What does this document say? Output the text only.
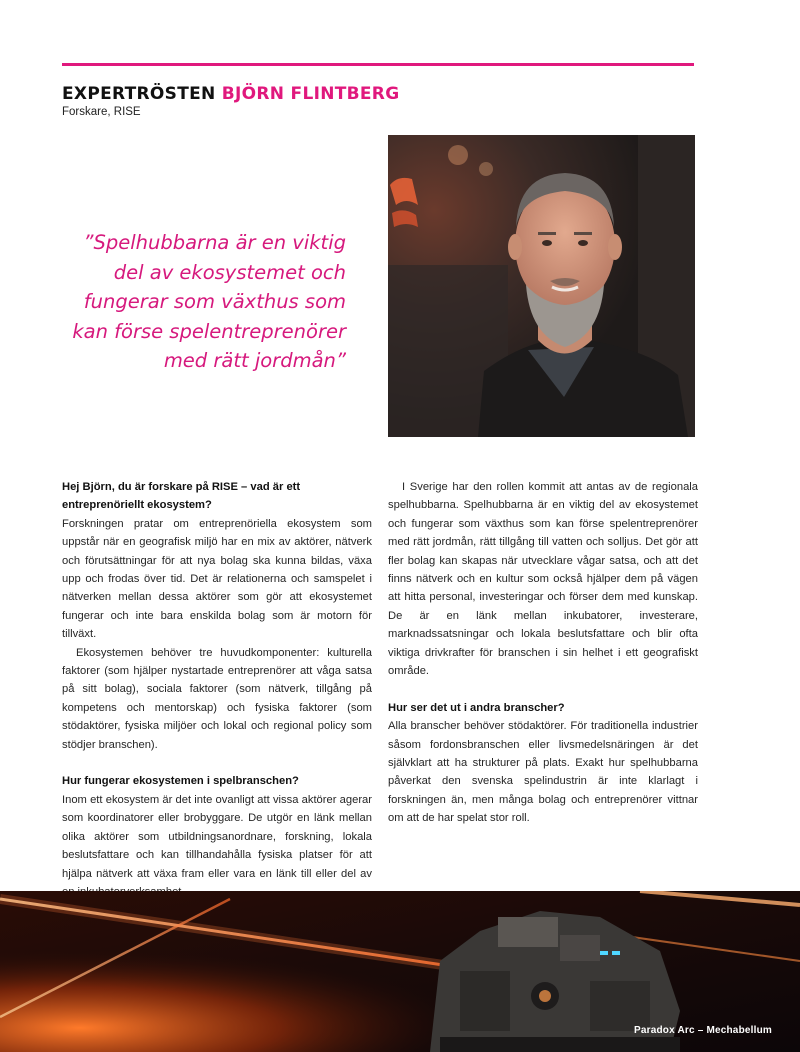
EXPERTRÖSTEN BJÖRN FLINTBERG
Forskare, RISE
”Spelhubbarna är en viktig del av ekosystemet och fungerar som växthus som kan förse spelentreprenörer med rätt jordmån”

Hej Björn, du är forskare på RISE – vad är ett entreprenöriellt ekosystem?

Forskningen pratar om entreprenöriella ekosystem som uppstår när en geografisk miljö har en mix av aktörer, nätverk och förutsättningar för att nya bolag ska kunna bildas, växa upp och frodas över tid. Det är relationerna och samspelet i nätverken mellan dessa aktörer som gör att ekosystemet fungerar och inte bara enskilda bolag som är motorn för tillväxt.

Ekosystemen behöver tre huvudkomponenter: kulturella faktorer (som hjälper nystartade entreprenörer att våga satsa på sitt bolag), sociala faktorer (som nätverk, tillgång på kompetens och mentorskap) och fysiska faktorer (som stödaktörer, fysiska miljöer och lokal och regional policy som stödjer branschen).

Hur fungerar ekosystemen i spelbranschen?

Inom ett ekosystem är det inte ovanligt att vissa aktörer agerar som koordinatorer eller brobyggare. De utgör en länk mellan olika aktörer som utbildningsanordnare, forskning, lokala beslutsfattare och kan tillhandahålla fysiska platser för att hjälpa nätverk att växa fram eller vara en länk till eller del av

I Sverige har den rollen kommit att antas av de regionala spelhubbarna. Spelhubbarna är en viktig del av ekosystemet och fungerar som växthus som kan förse spelentreprenörer med rätt jordmån, rätt tillgång till vatten och solljus. Det gör att fler bolag kan skapas när utvecklare vågar satsa, och att det finns nätverk och en kultur som också hjälper dem på vägen att hitta personal, investeringar och förser dem med kunskap. De är en länk mellan inkubatorer, investerare, marknadssatsningar och lokala beslutsfattare och blir ofta viktiga drivkrafter för branschen i sin helhet i ett geografiskt område.

Hur ser det ut i andra branscher?

Alla branscher behöver stödaktörer. För traditionella industrier såsom fordonsbranschen eller livsmedelsnäringen är det självklart att ha strukturer på plats. Exakt hur spelhubbarna påverkat den svenska spelindustrin är inte klarlagt i forskningen än, men många bolag och entreprenörer vittnar om att de har spelat stor roll.

Paradox Arc – Mechabellum
